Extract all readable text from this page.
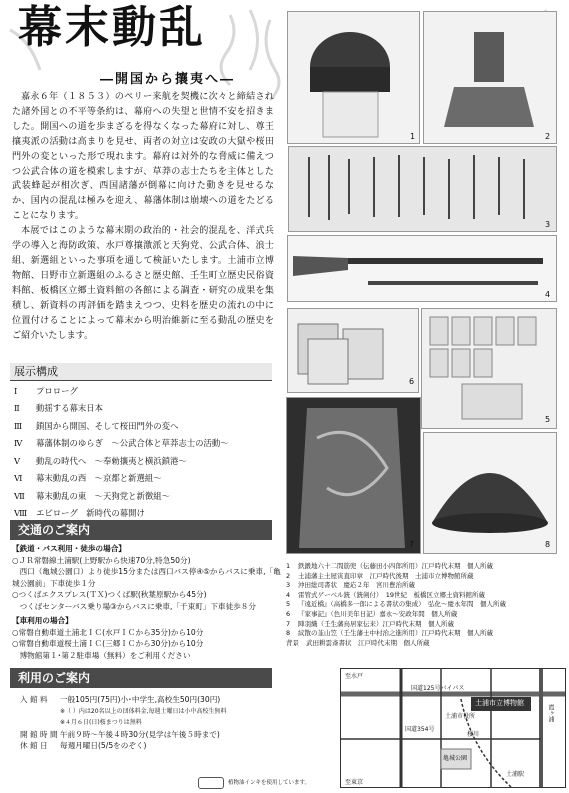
幕末動乱
―開国から攘夷へ―

嘉永６年（１８５３）のペリー来航を契機に次々と締結された諸外国との不平等条約は、幕府への失望と世情不安を招きました。開国への道を歩まざるを得なくなった幕府に対し、尊王攘夷派の活動は高まりを見せ、両者の対立は安政の大獄や桜田門外の変といった形で現れます。幕府は対外的な脅威に備えつつ公武合体の道を模索しますが、草莽の志士たちを主体とした武装蜂起が相次ぎ、西国諸藩が倒幕に向けた動きを見せるなか、国内の混乱は極みを迎え、幕藩体制は崩壊への道をたどることになります。

本展ではこのような幕末期の政治的・社会的混乱を、洋式兵学の導入と海防政策、水戸尊攘激派と天狗党、公武合体、浪士組、新選組といった事項を通して検証いたします。土浦市立博物館、日野市立新選組のふるさと歴史館、壬生町立歴史民俗資料館、板橋区立郷土資料館の各館による調査・研究の成果を集積し、新資料の再評価を踏まえつつ、史料を歴史の流れの中に位置付けることによって幕末から明治維新に至る動乱の歴史をご紹介いたします。

展示構成
Ⅰ	プロローグ
Ⅱ	動揺する幕末日本
Ⅲ	鎖国から開国、そして桜田門外の変へ
Ⅳ	幕藩体制のゆらぎ　～公武合体と草莽志士の活動～
Ⅴ	動乱の時代へ　～奉勅攘夷と横浜鎖港～
Ⅵ	幕末動乱の西　～京都と新選組～
Ⅶ	幕末動乱の東　～天狗党と新徴組～
Ⅷ	エピローグ　新時代の幕開け
交通のご案内
【鉄道・バス利用・徒歩の場合】
○ＪＲ常磐線土浦駅(上野駅から快速70分,特急50分)
　西口（亀城公園口）より徒歩15分または西口バス停④⑤からバスに乗車,「亀城公園前」下車徒歩１分
○つくばエクスプレス(ＴＸ)つくば駅(秋葉原駅から45分)
　つくばセンターバス乗り場③からバスに乗車,「千束町」下車徒歩８分
【車利用の場合】
○常磐自動車道土浦北ＩＣ(水戸ＩＣから35分)から10分
○常磐自動車道桜土浦ＩＣ(三郷ＩＣから30分)から10分
　博物館第１･第２駐車場（無料）をご利用ください
利用のご案内
入 館 料	一般105円(75円)小･中学生,高校生50円(30円)
※（ ）内は20名以上の団体料金,毎週土曜日は小中高校生無料
※４月６日(日)桜まつりは無料
開 館 時 間 午前９時～午後４時30分(見学は午後５時まで)
休 館 日	毎週月曜日(5/5をのぞく)
1	2
3
4
6
5
7	8
1	鉄鍛地六十二間筋兜（伝藤田小四郎所用）江戸時代末期　個人所蔵
2	土浦藩主土屋寅直印章　江戸時代後期　土浦市立博物館所蔵
3	沖田総司書状　慶応２年　宮川豊治所蔵
4	雷管式ゲーベル銃（銃剣付）　19世紀　板橋区立郷土資料館所蔵
5	『遠近橋』（高橋多一郎による書状の集成）　弘化～慶永年間　個人所蔵
6	『家事記』（色川美年日記）嘉永～安政年間　個人所蔵
7	陣羽織（壬生藩鳥居家伝来）江戸時代末期　個人所蔵
8	紋散の韮山笠（壬生藩士中村治之進所用）江戸時代末期　個人所蔵
背景	武田耕雲斎書状　江戸時代末期　個人所蔵
土浦市立博物館
国道125号バイパス
霞ヶ浦
国道354号
桜川
土浦駅
亀城公園
至水戸
至東京
土浦市役所
植物油インキを使用しています。
